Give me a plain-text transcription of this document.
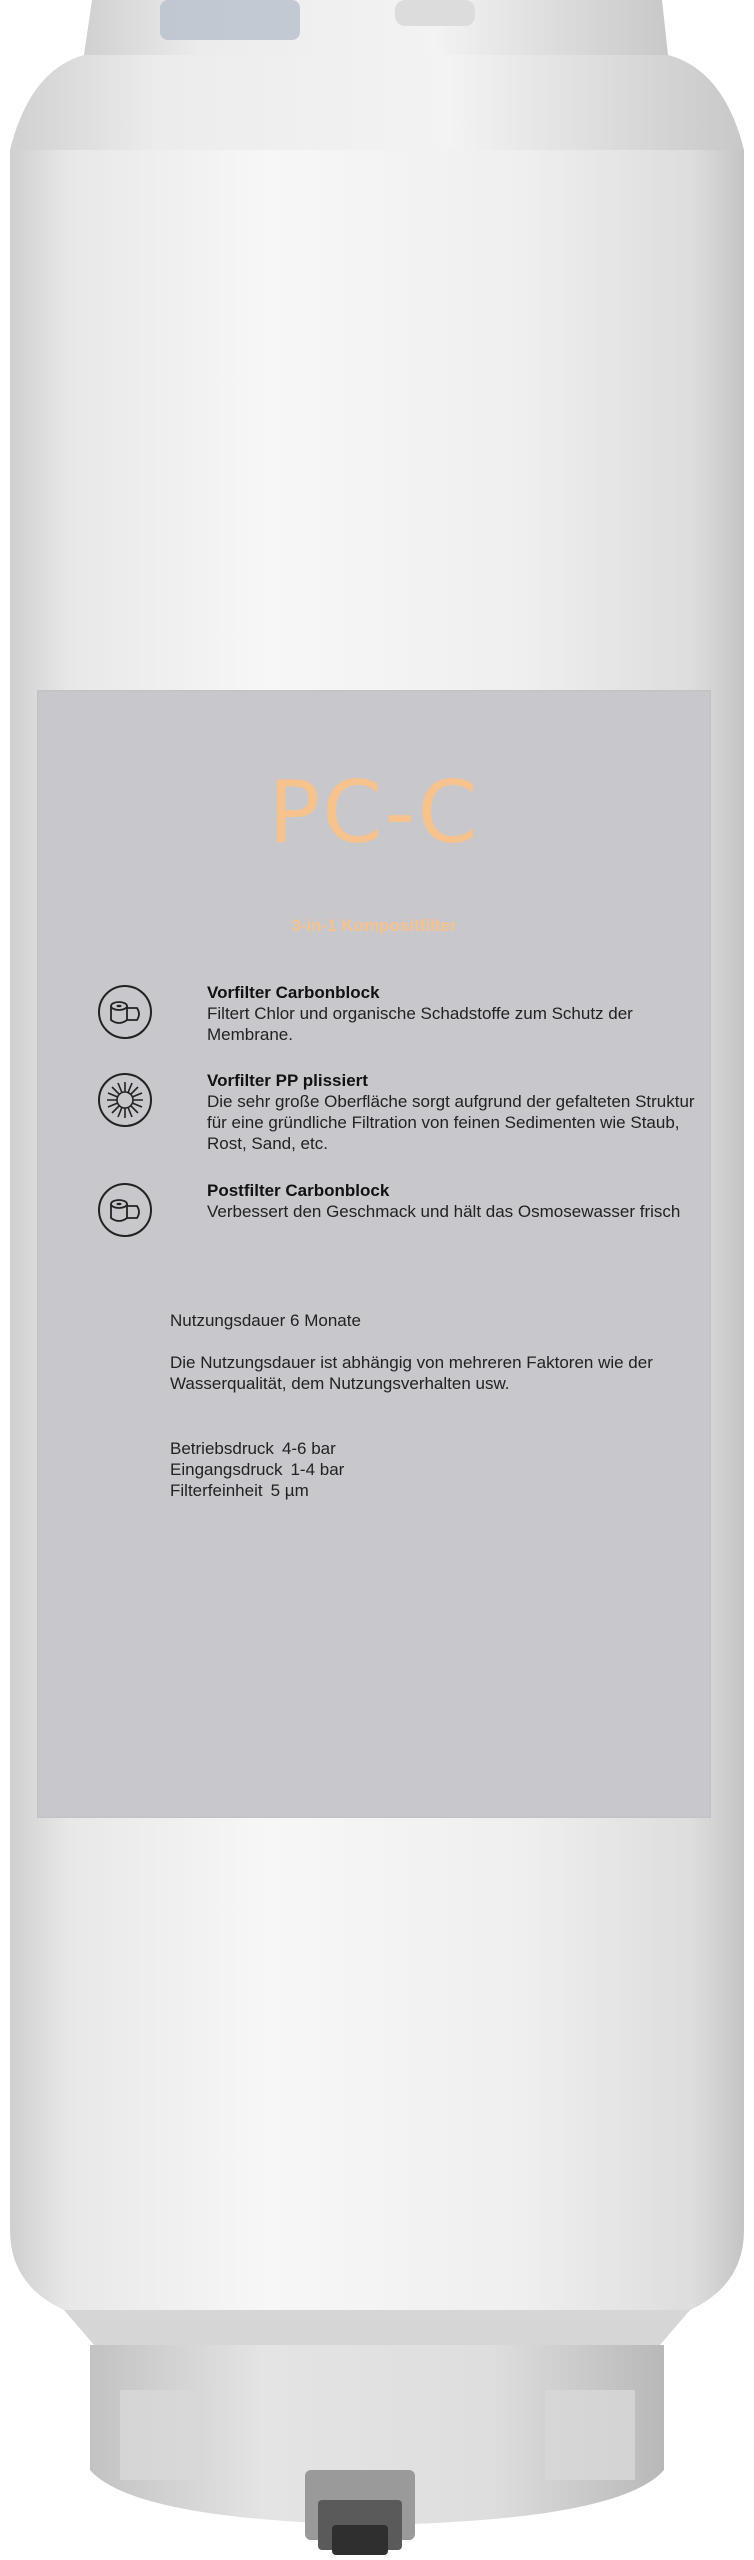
PC-C
3-in-1 Kompositfilter
Vorfilter Carbonblock
Filtert Chlor und organische Schadstoffe zum Schutz der Membrane.
Vorfilter PP plissiert
Die sehr große Oberfläche sorgt aufgrund der gefalteten Struktur für eine gründliche Filtration von feinen Sedimenten wie Staub, Rost, Sand, etc.
Postfilter Carbonblock
Verbessert den Geschmack und hält das Osmosewasser frisch
Nutzungsdauer 6 Monate
Die Nutzungsdauer ist abhängig von mehreren Faktoren wie der Wasserqualität, dem Nutzungsverhalten usw.
Betriebsdruck 4-6 bar
Eingangsdruck 1-4 bar
Filterfeinheit 5 µm
